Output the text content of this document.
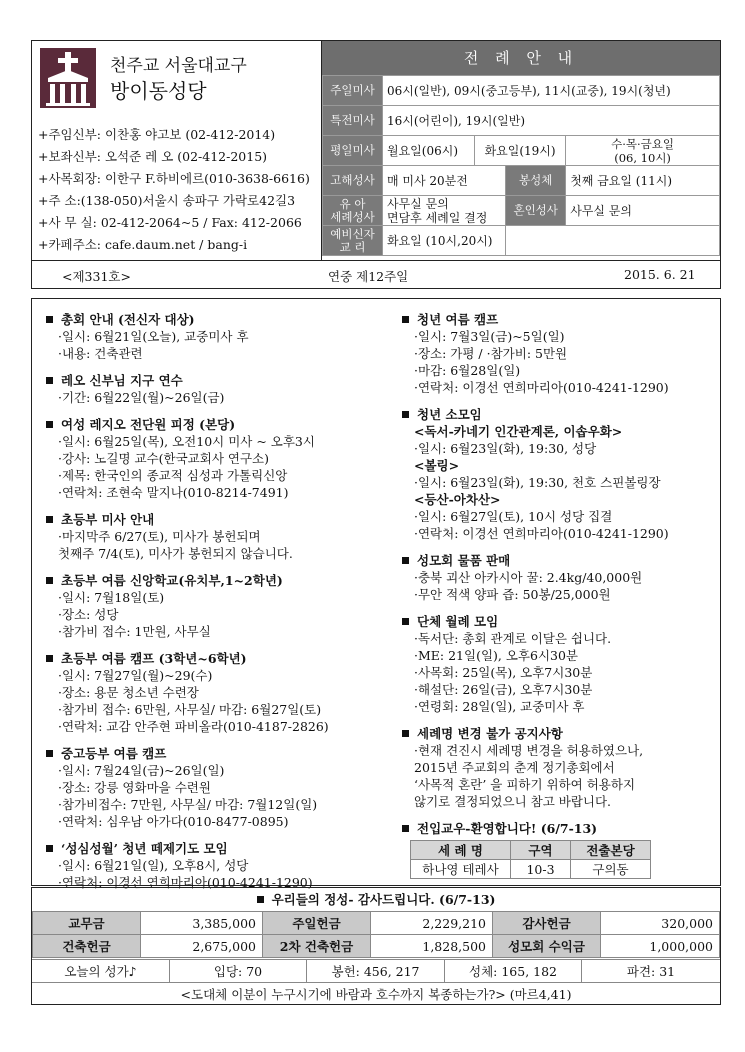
천주교 서울대교구
방이동성당
+주임신부: 이찬홍 야고보 (02-412-2014)
+보좌신부: 오석준 레 오 (02-412-2015)
+사목회장: 이한구 F.하비에르(010-3638-6616)
+주 소:(138-050)서울시 송파구 가락로42길3
+사 무 실: 02-412-2064~5 / Fax: 412-2066
+카페주소: cafe.daum.net / bang-i
전 례 안 내
주일미사	06시(일반), 09시(중고등부), 11시(교중), 19시(청년)			
특전미사	16시(어린이), 19시(일반)			
평일미사	월요일(06시)	화요일(19시)		수·목·금요일
(06, 10시)
고해성사	매 미사 20분전		봉성체	첫째 금요일 (11시)
유 아
세례성사	사무실 문의
면담후 세례일 결정		혼인성사	사무실 문의
예비신자
교 리	화요일 (10시,20시)			
<제331호>	연중 제12주일	2015. 6. 21
총회 안내 (전신자 대상)
·일시: 6월21일(오늘), 교중미사 후
·내용: 건축관련
레오 신부님 지구 연수
·기간: 6월22일(월)~26일(금)
여성 레지오 전단원 피정 (본당)
·일시: 6월25일(목), 오전10시 미사 ~ 오후3시
·강사: 노길명 교수(한국교회사 연구소)
·제목: 한국인의 종교적 심성과 가톨릭신앙
·연락처: 조현숙 말지나(010-8214-7491)
초등부 미사 안내
·마지막주 6/27(토), 미사가 봉헌되며
첫째주 7/4(토), 미사가 봉헌되지 않습니다.
초등부 여름 신앙학교(유치부,1~2학년)
·일시: 7월18일(토)
·장소: 성당
·참가비 접수: 1만원, 사무실
초등부 여름 캠프 (3학년~6학년)
·일시: 7월27일(월)~29(수)
·장소: 용문 청소년 수련장
·참가비 접수: 6만원, 사무실/ 마감: 6월27일(토)
·연락처: 교감 안주현 파비올라(010-4187-2826)
중고등부 여름 캠프
·일시: 7월24일(금)~26일(일)
·장소: 강릉 영화마을 수련원
·참가비접수: 7만원, 사무실/ 마감: 7월12일(일)
·연락처: 심우남 아가다(010-8477-0895)
‘성심성월’ 청년 떼제기도 모임
·일시: 6월21일(일), 오후8시, 성당
·연락처: 이경선 연희마리아(010-4241-1290)
청년 여름 캠프
·일시: 7월3일(금)~5일(일)
·장소: 가평 / ·참가비: 5만원
·마감: 6월28일(일)
·연락처: 이경선 연희마리아(010-4241-1290)
청년 소모임
<독서-카네기 인간관계론, 이솝우화>
·일시: 6월23일(화), 19:30, 성당
<볼링>
·일시: 6월23일(화), 19:30, 천호 스핀볼링장
<등산-아차산>
·일시: 6월27일(토), 10시 성당 집결
·연락처: 이경선 연희마리아(010-4241-1290)
성모회 물품 판매
·충북 괴산 아카시아 꿀: 2.4kg/40,000원
·무안 적색 양파 즙: 50봉/25,000원
단체 월례 모임
·독서단: 총회 관계로 이달은 쉽니다.
·ME: 21일(일), 오후6시30분
·사목회: 25일(목), 오후7시30분
·해설단: 26일(금), 오후7시30분
·연령회: 28일(일), 교중미사 후
세례명 변경 불가 공지사항
·현재 견진시 세례명 변경을 허용하였으나,
2015년 주교회의 춘계 정기총회에서
‘사목적 혼란’ 을 피하기 위하여 허용하지
않기로 결정되었으니 참고 바랍니다.
전입교우-환영합니다! (6/7-13)
세 례 명	구역	전출본당
하나영 테레사	10-3	구의동
우리들의 정성- 감사드립니다. (6/7-13)
교무금	3,385,000	주일헌금	2,229,210	감사헌금	320,000
건축헌금	2,675,000	2차 건축헌금	1,828,500	성모회 수익금	1,000,000
오늘의 성가♪	입당: 70	봉헌: 456, 217	성체: 165, 182	파견: 31
<도대체 이분이 누구시기에 바람과 호수까지 복종하는가?> (마르4,41)
